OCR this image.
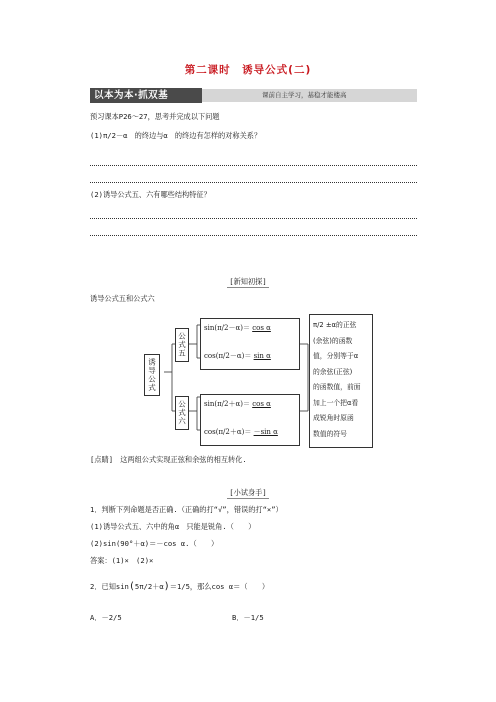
第二课时　诱导公式(二)
以本为本·抓双基	课前自主学习，基稳才能楼高
预习课本P26～27，思考并完成以下问题
(1)π/2－α　的终边与α　的终边有怎样的对称关系？
(2)诱导公式五、六有哪些结构特征？
[新知初探]
诱导公式五和公式六
诱导公式
公式五
公式六
sin(π/2－α)＝ cos α
cos(π/2－α)＝ sin α
sin(π/2＋α)＝ cos α
cos(π/2＋α)＝ －sin α
π/2 ±α的正弦
(余弦)的函数
值，分别等于α
的余弦(正弦)
的函数值，前面
加上一个把α看
成锐角时原函
数值的符号
[点睛]　这两组公式实现正弦和余弦的相互转化.
[小试身手]
1．判断下列命题是否正确.（正确的打“√”，错误的打“×”）
(1)诱导公式五、六中的角α　只能是锐角.（　　）
(2)sin(90°＋α)＝－cos α.（　　）
答案：(1)×　(2)×
2．已知sin(5π/2＋α)＝1/5，那么cos α＝（　　）
A．－2/5	B．－1/5
